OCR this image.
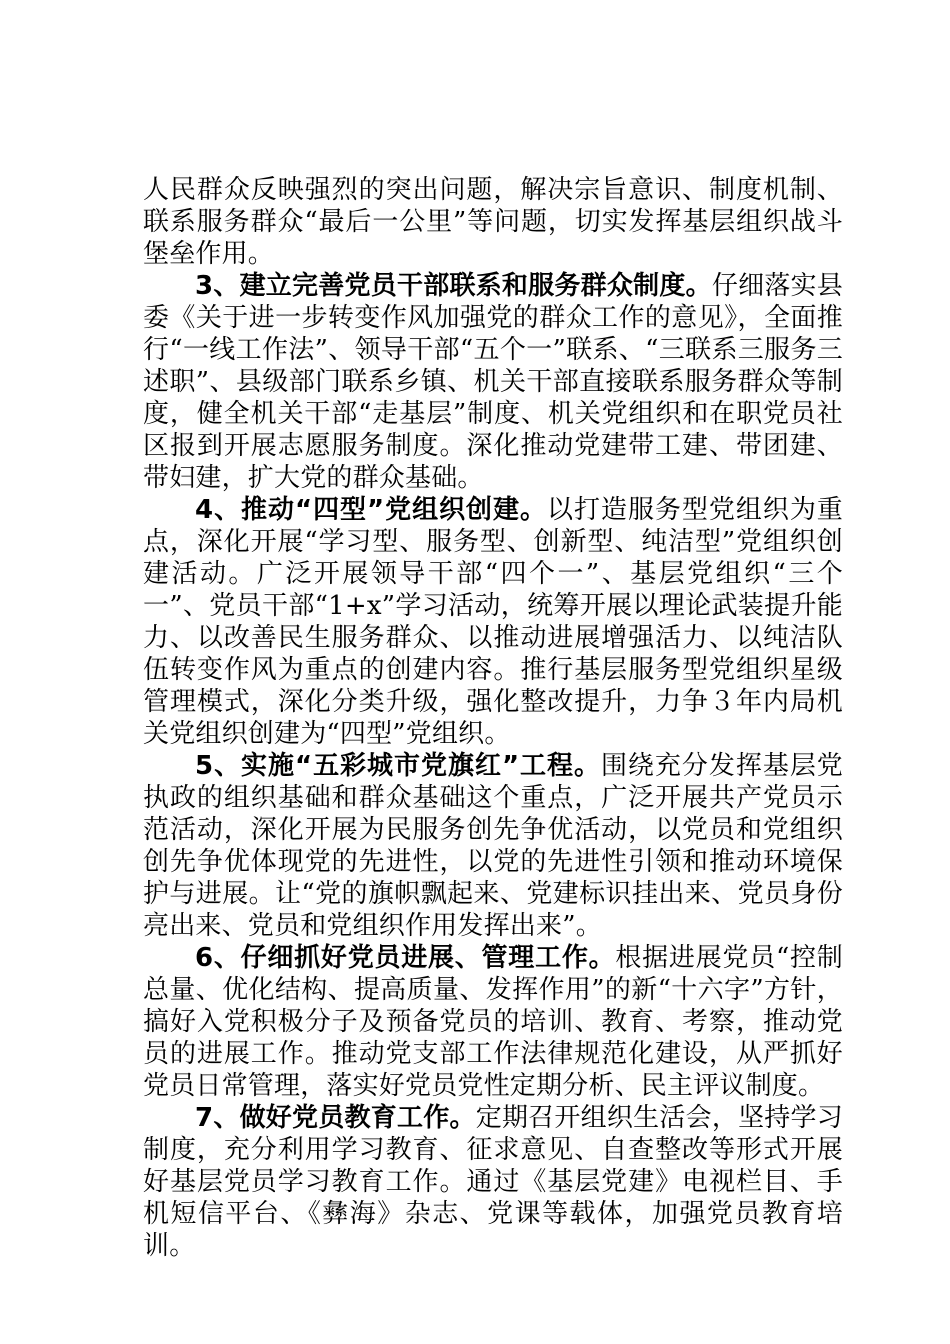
人民群众反映强烈的突出问题，解决宗旨意识、制度机制、联系服务群众“最后一公里”等问题，切实发挥基层组织战斗堡垒作用。

3、建立完善党员干部联系和服务群众制度。仔细落实县委《关于进一步转变作风加强党的群众工作的意见》，全面推行“一线工作法”、领导干部“五个一”联系、“三联系三服务三述职”、县级部门联系乡镇、机关干部直接联系服务群众等制度，健全机关干部“走基层”制度、机关党组织和在职党员社区报到开展志愿服务制度。深化推动党建带工建、带团建、带妇建，扩大党的群众基础。

4、推动“四型”党组织创建。以打造服务型党组织为重点，深化开展“学习型、服务型、创新型、纯洁型”党组织创建活动。广泛开展领导干部“四个一”、基层党组织“三个一”、党员干部“1+x”学习活动，统筹开展以理论武装提升能力、以改善民生服务群众、以推动进展增强活力、以纯洁队伍转变作风为重点的创建内容。推行基层服务型党组织星级管理模式，深化分类升级，强化整改提升，力争３年内局机关党组织创建为“四型”党组织。

5、实施“五彩城市党旗红”工程。围绕充分发挥基层党执政的组织基础和群众基础这个重点，广泛开展共产党员示范活动，深化开展为民服务创先争优活动，以党员和党组织创先争优体现党的先进性，以党的先进性引领和推动环境保护与进展。让“党的旗帜飘起来、党建标识挂出来、党员身份亮出来、党员和党组织作用发挥出来”。

6、仔细抓好党员进展、管理工作。根据进展党员“控制总量、优化结构、提高质量、发挥作用”的新“十六字”方针，搞好入党积极分子及预备党员的培训、教育、考察，推动党员的进展工作。推动党支部工作法律规范化建设，从严抓好党员日常管理，落实好党员党性定期分析、民主评议制度。

7、做好党员教育工作。定期召开组织生活会，坚持学习制度，充分利用学习教育、征求意见、自查整改等形式开展好基层党员学习教育工作。通过《基层党建》电视栏目、手机短信平台、《彝海》杂志、党课等载体，加强党员教育培训。
